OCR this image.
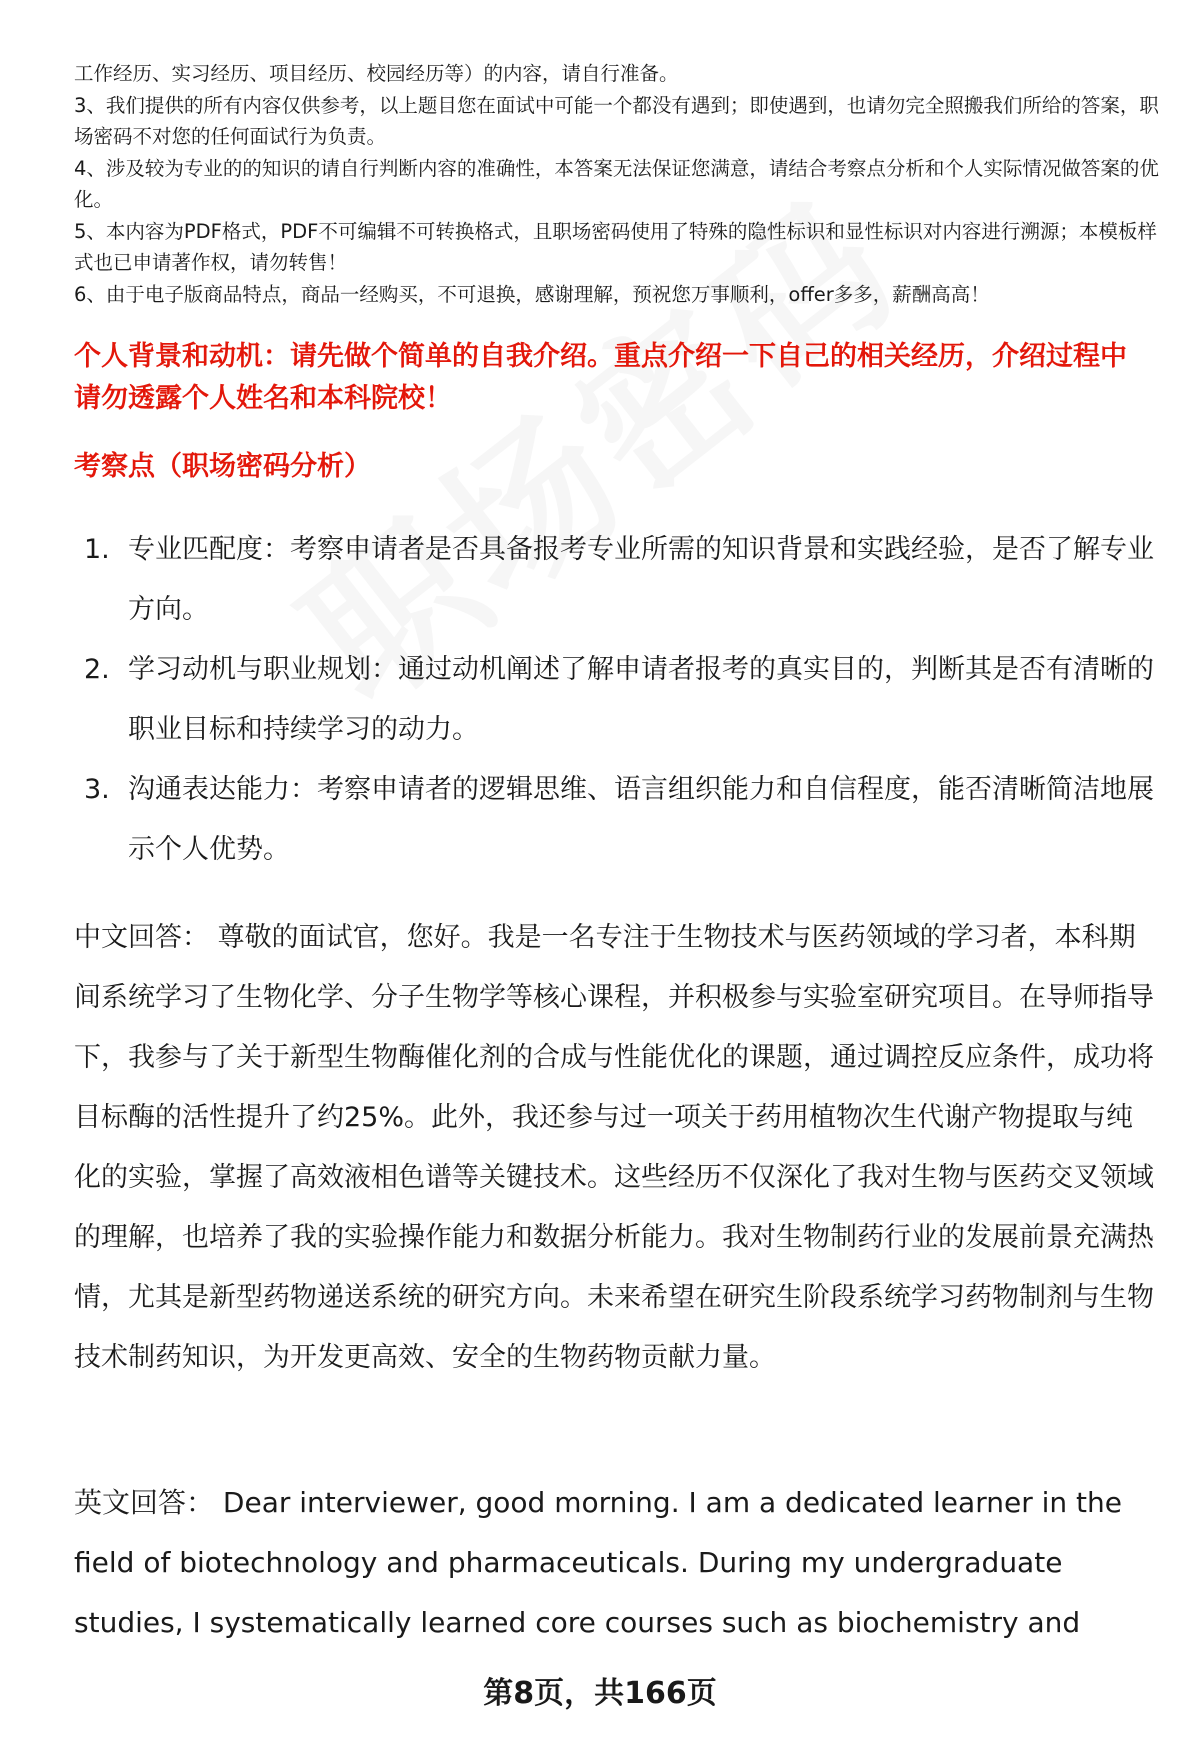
工作经历、实习经历、项目经历、校园经历等）的内容，请自行准备。

3、我们提供的所有内容仅供参考，以上题目您在面试中可能一个都没有遇到；即使遇到，也请勿完全照搬我们所给的答案，职场密码不对您的任何面试行为负责。

4、涉及较为专业的的知识的请自行判断内容的准确性，本答案无法保证您满意，请结合考察点分析和个人实际情况做答案的优化。

5、本内容为PDF格式，PDF不可编辑不可转换格式，且职场密码使用了特殊的隐性标识和显性标识对内容进行溯源；本模板样式也已申请著作权，请勿转售！

6、由于电子版商品特点，商品一经购买，不可退换，感谢理解，预祝您万事顺利，offer多多，薪酬高高！

个人背景和动机：请先做个简单的自我介绍。重点介绍一下自己的相关经历，介绍过程中请勿透露个人姓名和本科院校！
考察点（职场密码分析）
1. 专业匹配度：考察申请者是否具备报考专业所需的知识背景和实践经验，是否了解专业方向。
2. 学习动机与职业规划：通过动机阐述了解申请者报考的真实目的，判断其是否有清晰的职业目标和持续学习的动力。
3. 沟通表达能力：考察申请者的逻辑思维、语言组织能力和自信程度，能否清晰简洁地展示个人优势。

中文回答： 尊敬的面试官，您好。我是一名专注于生物技术与医药领域的学习者，本科期间系统学习了生物化学、分子生物学等核心课程，并积极参与实验室研究项目。在导师指导下，我参与了关于新型生物酶催化剂的合成与性能优化的课题，通过调控反应条件，成功将目标酶的活性提升了约25%。此外，我还参与过一项关于药用植物次生代谢产物提取与纯化的实验，掌握了高效液相色谱等关键技术。这些经历不仅深化了我对生物与医药交叉领域的理解，也培养了我的实验操作能力和数据分析能力。我对生物制药行业的发展前景充满热情，尤其是新型药物递送系统的研究方向。未来希望在研究生阶段系统学习药物制剂与生物技术制药知识，为开发更高效、安全的生物药物贡献力量。

英文回答： Dear interviewer, good morning. I am a dedicated learner in the field of biotechnology and pharmaceuticals. During my undergraduate studies, I systematically learned core courses such as biochemistry and

第8页，共166页
